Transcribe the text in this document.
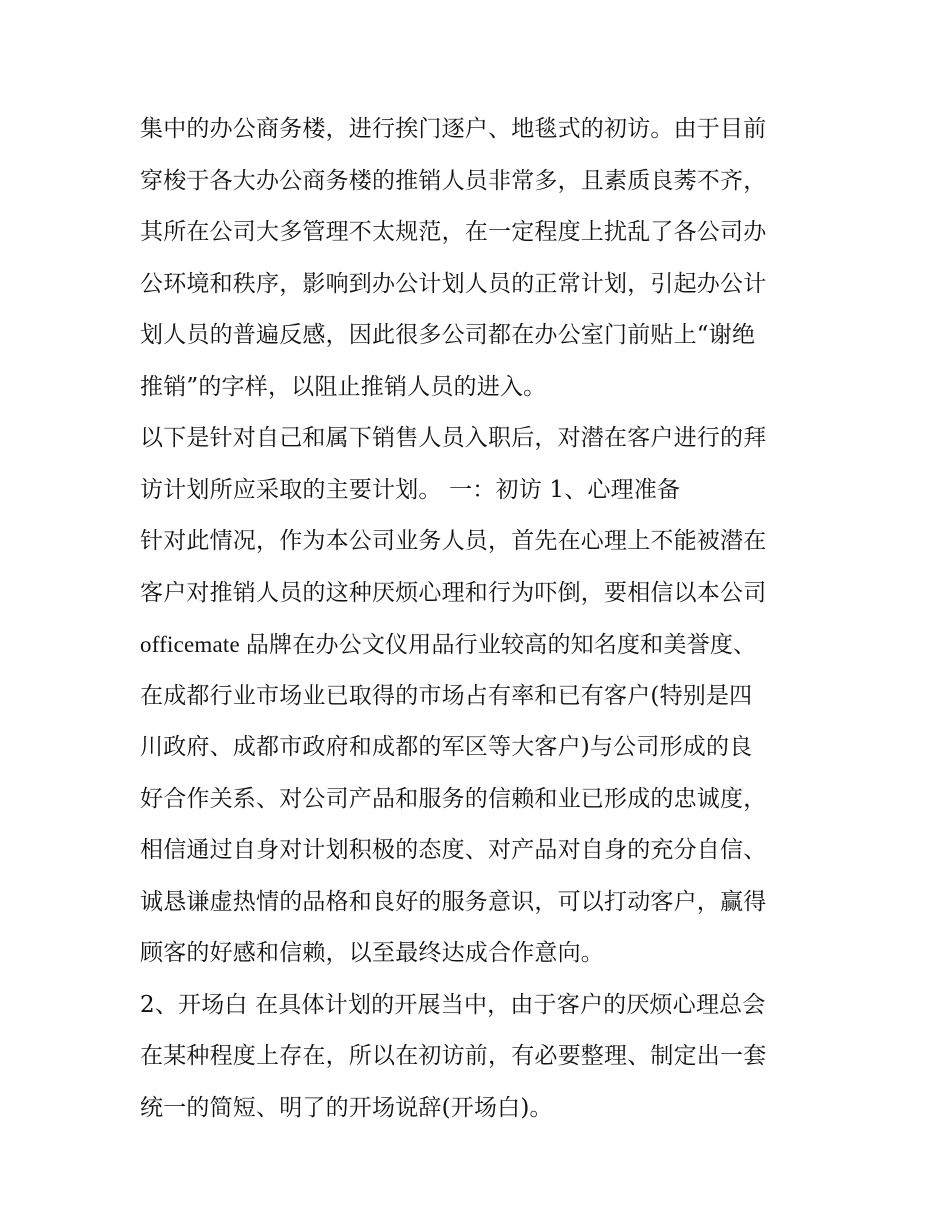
集中的办公商务楼，进行挨门逐户、地毯式的初访。由于目前
穿梭于各大办公商务楼的推销人员非常多，且素质良莠不齐，
其所在公司大多管理不太规范，在一定程度上扰乱了各公司办
公环境和秩序，影响到办公计划人员的正常计划，引起办公计
划人员的普遍反感，因此很多公司都在办公室门前贴上“谢绝
推销”的字样，以阻止推销人员的进入。
以下是针对自己和属下销售人员入职后，对潜在客户进行的拜
访计划所应采取的主要计划。 一：初访 1、心理准备
针对此情况，作为本公司业务人员，首先在心理上不能被潜在
客户对推销人员的这种厌烦心理和行为吓倒，要相信以本公司
officemate 品牌在办公文仪用品行业较高的知名度和美誉度、
在成都行业市场业已取得的市场占有率和已有客户(特别是四
川政府、成都市政府和成都的军区等大客户)与公司形成的良
好合作关系、对公司产品和服务的信赖和业已形成的忠诚度，
相信通过自身对计划积极的态度、对产品对自身的充分自信、
诚恳谦虚热情的品格和良好的服务意识，可以打动客户，赢得
顾客的好感和信赖，以至最终达成合作意向。
2、开场白 在具体计划的开展当中，由于客户的厌烦心理总会
在某种程度上存在，所以在初访前，有必要整理、制定出一套
统一的简短、明了的开场说辞(开场白)。
